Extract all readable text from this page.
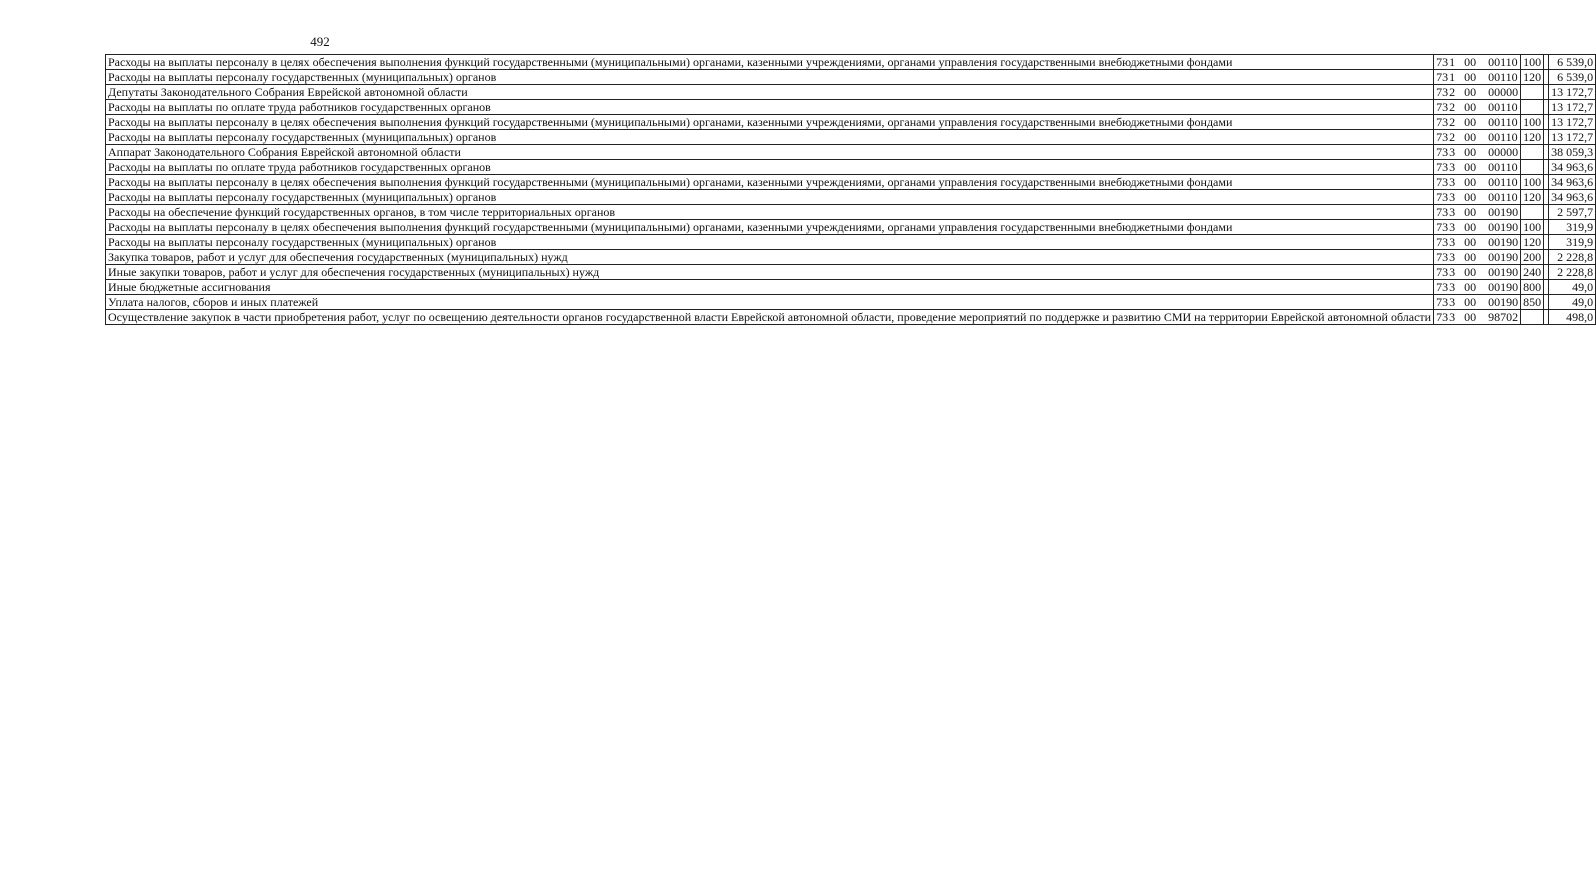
492
Расходы на выплаты персоналу в целях обеспечения выполнения функций государственными (муниципальными) органами, казенными учреждениями, органами управления государственными внебюджетными фондами	731 00 00110	100		6 539,0
Расходы на выплаты персоналу государственных (муниципальных) органов	731 00 00110	120		6 539,0
Депутаты Законодательного Собрания Еврейской автономной области	732 00 00000			13 172,7
Расходы на выплаты по оплате труда работников государственных органов	732 00 00110			13 172,7
Расходы на выплаты персоналу в целях обеспечения выполнения функций государственными (муниципальными) органами, казенными учреждениями, органами управления государственными внебюджетными фондами	732 00 00110	100		13 172,7
Расходы на выплаты персоналу государственных (муниципальных) органов	732 00 00110	120		13 172,7
Аппарат Законодательного Собрания Еврейской автономной области	733 00 00000			38 059,3
Расходы на выплаты по оплате труда работников государственных органов	733 00 00110			34 963,6
Расходы на выплаты персоналу в целях обеспечения выполнения функций государственными (муниципальными) органами, казенными учреждениями, органами управления государственными внебюджетными фондами	733 00 00110	100		34 963,6
Расходы на выплаты персоналу государственных (муниципальных) органов	733 00 00110	120		34 963,6
Расходы на обеспечение функций государственных органов, в том числе территориальных органов	733 00 00190			2 597,7
Расходы на выплаты персоналу в целях обеспечения выполнения функций государственными (муниципальными) органами, казенными учреждениями, органами управления государственными внебюджетными фондами	733 00 00190	100		319,9
Расходы на выплаты персоналу государственных (муниципальных) органов	733 00 00190	120		319,9
Закупка товаров, работ и услуг для обеспечения государственных (муниципальных) нужд	733 00 00190	200		2 228,8
Иные закупки товаров, работ и услуг для обеспечения государственных (муниципальных) нужд	733 00 00190	240		2 228,8
Иные бюджетные ассигнования	733 00 00190	800		49,0
Уплата налогов, сборов и иных платежей	733 00 00190	850		49,0
Осуществление закупок в части приобретения работ, услуг по освещению деятельности органов государственной власти Еврейской автономной области, проведение мероприятий по поддержке и развитию СМИ на территории Еврейской автономной области	733 00 98702			498,0
